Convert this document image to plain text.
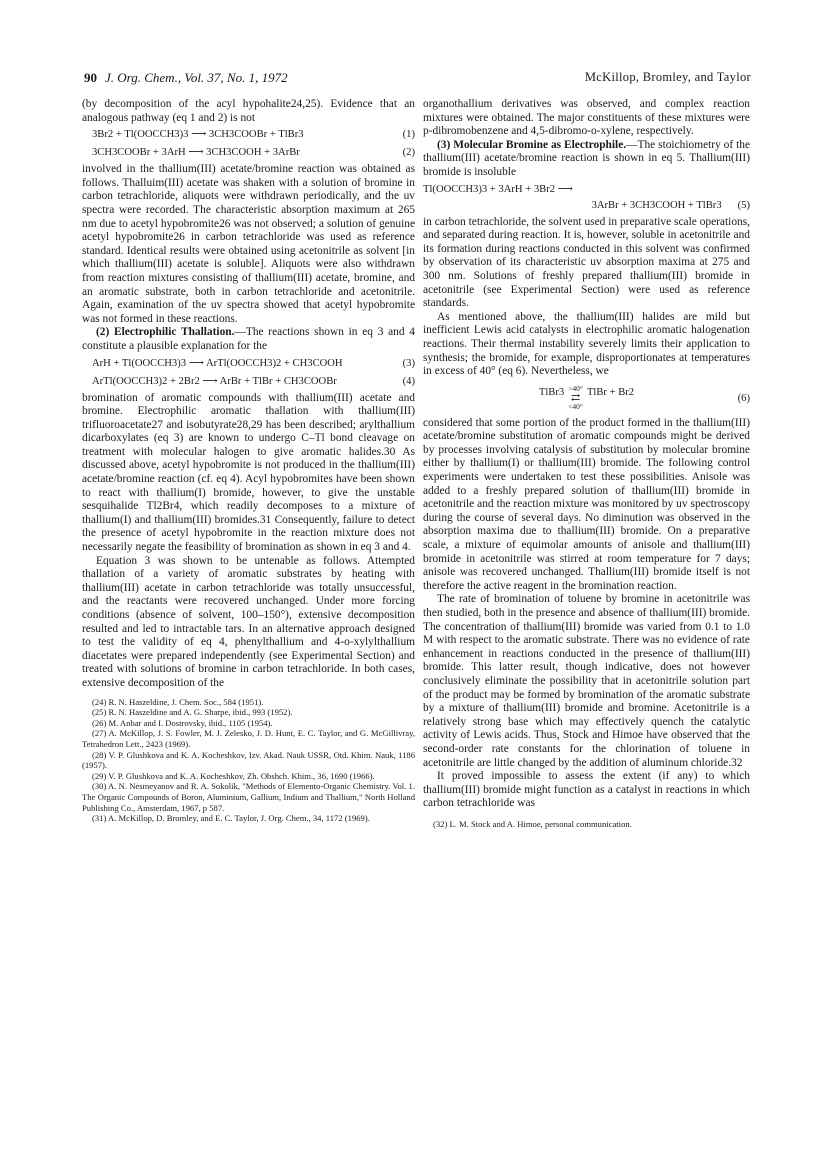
90 J. Org. Chem., Vol. 37, No. 1, 1972	McKillop, Bromley, and Taylor

(by decomposition of the acyl hypohalite24,25). Evidence that an analogous pathway (eq 1 and 2) is not

3Br2 + Tl(OOCCH3)3 ⟶ 3CH3COOBr + TlBr3	(1)
3CH3COOBr + 3ArH ⟶ 3CH3COOH + 3ArBr	(2)

involved in the thallium(III) acetate/bromine reaction was obtained as follows. Thalluim(III) acetate was shaken with a solution of bromine in carbon tetrachloride, aliquots were withdrawn periodically, and the uv spectra were recorded. The characteristic absorption maximum at 265 nm due to acetyl hypobromite26 was not observed; a solution of genuine acetyl hypobromite26 in carbon tetrachloride was used as reference standard. Identical results were obtained using acetonitrile as solvent [in which thallium(III) acetate is soluble]. Aliquots were also withdrawn from reaction mixtures consisting of thallium(III) acetate, bromine, and an aromatic substrate, both in carbon tetrachloride and acetonitrile. Again, examination of the uv spectra showed that acetyl hypobromite was not formed in these reactions.

(2) Electrophilic Thallation.—The reactions shown in eq 3 and 4 constitute a plausible explanation for the

ArH + Tl(OOCCH3)3 ⟶ ArTl(OOCCH3)2 + CH3COOH	(3)
ArTl(OOCCH3)2 + 2Br2 ⟶ ArBr + TlBr + CH3COOBr	(4)

bromination of aromatic compounds with thallium(III) acetate and bromine. Electrophilic aromatic thallation with thallium(III) trifluoroacetate27 and isobutyrate28,29 has been described; arylthallium dicarboxylates (eq 3) are known to undergo C–Tl bond cleavage on treatment with molecular halogen to give aromatic halides.30 As discussed above, acetyl hypobromite is not produced in the thallium(III) acetate/bromine reaction (cf. eq 4). Acyl hypobromites have been shown to react with thallium(I) bromide, however, to give the unstable sesquihalide Tl2Br4, which readily decomposes to a mixture of thallium(I) and thallium(III) bromides.31 Consequently, failure to detect the presence of acetyl hypobromite in the reaction mixture does not necessarily negate the feasibility of bromination as shown in eq 3 and 4.

Equation 3 was shown to be untenable as follows. Attempted thallation of a variety of aromatic substrates by heating with thallium(III) acetate in carbon tetrachloride was totally unsuccessful, and the reactants were recovered unchanged. Under more forcing conditions (absence of solvent, 100–150°), extensive decomposition resulted and led to intractable tars. In an alternative approach designed to test the validity of eq 4, phenylthallium and 4-o-xylylthallium diacetates were prepared independently (see Experimental Section) and treated with solutions of bromine in carbon tetrachloride. In both cases, extensive decomposition of the

(24) R. N. Haszeldine, J. Chem. Soc., 584 (1951).
(25) R. N. Haszeldine and A. G. Sharpe, ibid., 993 (1952).
(26) M. Anbar and I. Dostrovsky, ibid., 1105 (1954).
(27) A. McKillop, J. S. Fowler, M. J. Zelesko, J. D. Hunt, E. C. Taylor, and G. McGillivray, Tetrahedron Lett., 2423 (1969).
(28) V. P. Glushkova and K. A. Kocheshkov, Izv. Akad. Nauk USSR, Otd. Khim. Nauk, 1186 (1957).
(29) V. P. Glushkova and K. A. Kocheshkov, Zh. Obshch. Khim., 36, 1690 (1966).
(30) A. N. Nesmeyanov and R. A. Sokolik, "Methods of Elemento-Organic Chemistry. Vol. 1. The Organic Compounds of Boron, Aluminium, Gallium, Indium and Thallium," North Holland Publishing Co., Amsterdam, 1967, p 587.
(31) A. McKillop, D. Bromley, and E. C. Taylor, J. Org. Chem., 34, 1172 (1969).

organothallium derivatives was observed, and complex reaction mixtures were obtained. The major constituents of these mixtures were p-dibromobenzene and 4,5-dibromo-o-xylene, respectively.

(3) Molecular Bromine as Electrophile.—The stoichiometry of the thallium(III) acetate/bromine reaction is shown in eq 5. Thallium(III) bromide is insoluble

Tl(OOCCH3)3 + 3ArH + 3Br2 ⟶
3ArBr + 3CH3COOH + TlBr3 (5)

in carbon tetrachloride, the solvent used in preparative scale operations, and separated during reaction. It is, however, soluble in acetonitrile and its formation during reactions conducted in this solvent was confirmed by observation of its characteristic uv absorption maxima at 275 and 300 nm. Solutions of freshly prepared thallium(III) bromide in acetonitrile (see Experimental Section) were used as reference standards.

As mentioned above, the thallium(III) halides are mild but inefficient Lewis acid catalysts in electrophilic aromatic halogenation reactions. Their thermal instability severely limits their application to synthesis; the bromide, for example, disproportionates at temperatures in excess of 40° (eq 6). Nevertheless, we

TlBr3 >40°
⇄
<40°
TlBr + Br2
(6)

considered that some portion of the product formed in the thallium(III) acetate/bromine substitution of aromatic compounds might be derived by processes involving catalysis of substitution by molecular bromine either by thallium(I) or thallium(III) bromide. The following control experiments were undertaken to test these possibilities. Anisole was added to a freshly prepared solution of thallium(III) bromide in acetonitrile and the reaction mixture was monitored by uv spectroscopy during the course of several days. No diminution was observed in the absorption maxima due to thallium(III) bromide. On a preparative scale, a mixture of equimolar amounts of anisole and thallium(III) bromide in acetonitrile was stirred at room temperature for 7 days; anisole was recovered unchanged. Thallium(III) bromide itself is not therefore the active reagent in the bromination reaction.

The rate of bromination of toluene by bromine in acetonitrile was then studied, both in the presence and absence of thallium(III) bromide. The concentration of thallium(III) bromide was varied from 0.1 to 1.0 M with respect to the aromatic substrate. There was no evidence of rate enhancement in reactions conducted in the presence of thallium(III) bromide. This latter result, though indicative, does not however conclusively eliminate the possibility that in acetonitrile solution part of the product may be formed by bromination of the aromatic substrate by a mixture of thallium(III) bromide and bromine. Acetonitrile is a relatively strong base which may effectively quench the catalytic activity of Lewis acids. Thus, Stock and Himoe have observed that the second-order rate constants for the chlorination of toluene in acetonitrile are little changed by the addition of aluminum chloride.32

It proved impossible to assess the extent (if any) to which thallium(III) bromide might function as a catalyst in reactions in which carbon tetrachloride was

(32) L. M. Stock and A. Himoe, personal communication.
